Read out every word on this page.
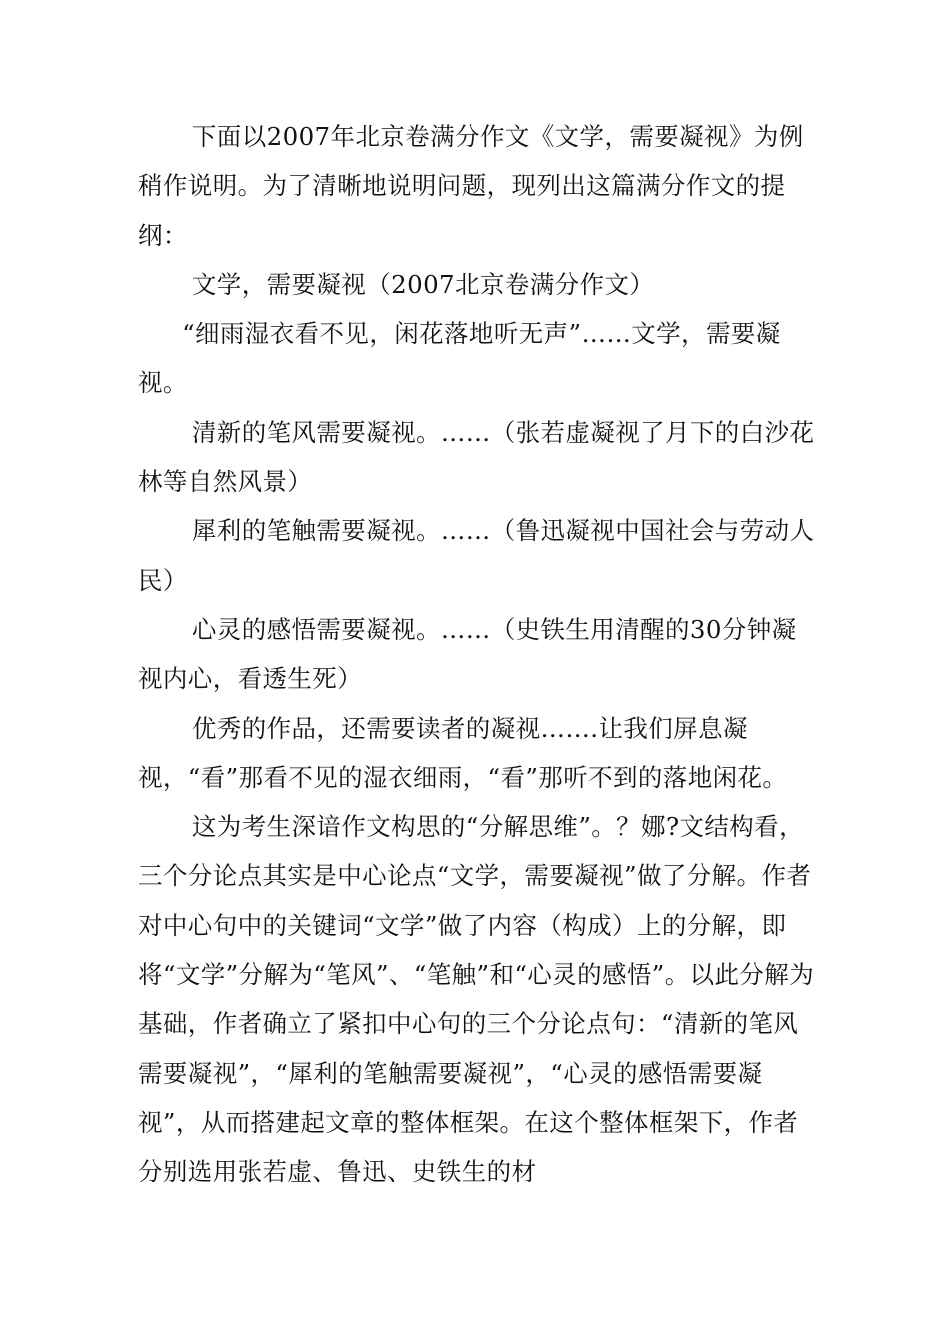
下面以2007年北京卷满分作文《文学，需要凝视》为例稍作说明。为了清晰地说明问题，现列出这篇满分作文的提纲：

文学，需要凝视（2007北京卷满分作文）

“细雨湿衣看不见，闲花落地听无声”……文学，需要凝视。

清新的笔风需要凝视。……（张若虚凝视了月下的白沙花林等自然风景）

犀利的笔触需要凝视。……（鲁迅凝视中国社会与劳动人民）

心灵的感悟需要凝视。……（史铁生用清醒的30分钟凝视内心，看透生死）

优秀的作品，还需要读者的凝视…….让我们屏息凝视，“看”那看不见的湿衣细雨，“看”那听不到的落地闲花。

这为考生深谙作文构思的“分解思维”。？娜?文结构看，三个分论点其实是中心论点“文学，需要凝视”做了分解。作者对中心句中的关键词“文学”做了内容（构成）上的分解，即将“文学”分解为“笔风”、“笔触”和“心灵的感悟”。以此分解为基础，作者确立了紧扣中心句的三个分论点句：“清新的笔风需要凝视”，“犀利的笔触需要凝视”，“心灵的感悟需要凝视”，从而搭建起文章的整体框架。在这个整体框架下，作者分别选用张若虚、鲁迅、史铁生的材
